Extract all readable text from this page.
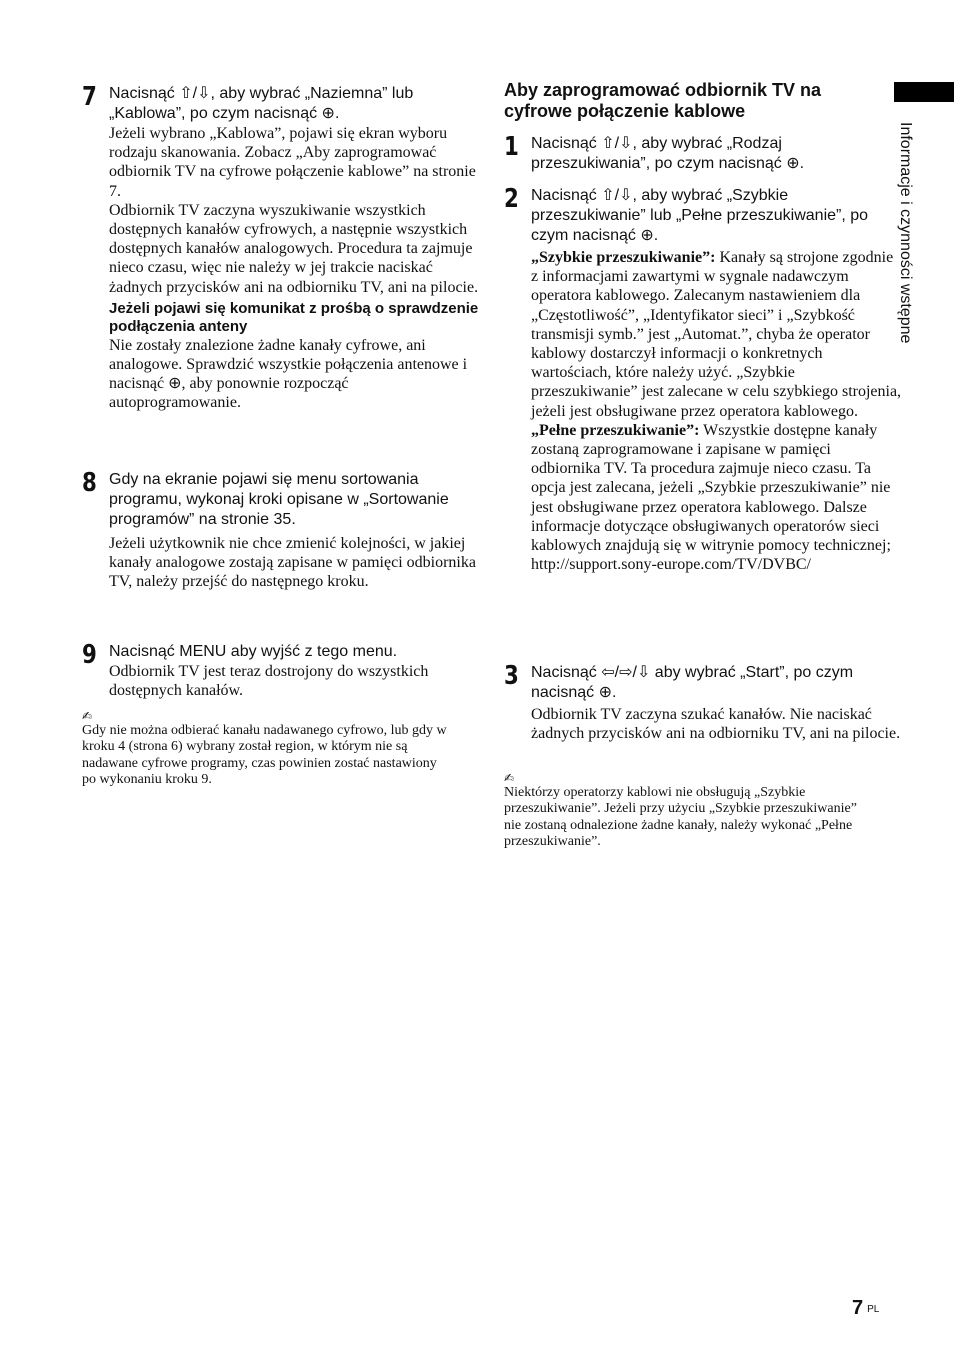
7 Nacisnąć ⇧/⇩, aby wybrać „Naziemna” lub „Kablowa”, po czym nacisnąć ⊕.

Jeżeli wybrano „Kablowa”, pojawi się ekran wyboru rodzaju skanowania. Zobacz „Aby zaprogramować odbiornik TV na cyfrowe połączenie kablowe” na stronie 7.

Odbiornik TV zaczyna wyszukiwanie wszystkich dostępnych kanałów cyfrowych, a następnie wszystkich dostępnych kanałów analogowych. Procedura ta zajmuje nieco czasu, więc nie należy w jej trakcie naciskać żadnych przycisków ani na odbiorniku TV, ani na pilocie.

Jeżeli pojawi się komunikat z prośbą o sprawdzenie podłączenia anteny

Nie zostały znalezione żadne kanały cyfrowe, ani analogowe. Sprawdzić wszystkie połączenia antenowe i nacisnąć ⊕, aby ponownie rozpocząć autoprogramowanie.

8 Gdy na ekranie pojawi się menu sortowania programu, wykonaj kroki opisane w „Sortowanie programów” na stronie 35.

Jeżeli użytkownik nie chce zmienić kolejności, w jakiej kanały analogowe zostają zapisane w pamięci odbiornika TV, należy przejść do następnego kroku.

9 Nacisnąć MENU aby wyjść z tego menu.

Odbiornik TV jest teraz dostrojony do wszystkich dostępnych kanałów.

✍

Gdy nie można odbierać kanału nadawanego cyfrowo, lub gdy w kroku 4 (strona 6) wybrany został region, w którym nie są nadawane cyfrowe programy, czas powinien zostać nastawiony po wykonaniu kroku 9.

Aby zaprogramować odbiornik TV na cyfrowe połączenie kablowe
1 Nacisnąć ⇧/⇩, aby wybrać „Rodzaj przeszukiwania”, po czym nacisnąć ⊕.

2 Nacisnąć ⇧/⇩, aby wybrać „Szybkie przeszukiwanie” lub „Pełne przeszukiwanie”, po czym nacisnąć ⊕.

„Szybkie przeszukiwanie”: Kanały są strojone zgodnie z informacjami zawartymi w sygnale nadawczym operatora kablowego. Zalecanym nastawieniem dla „Częstotliwość”, „Identyfikator sieci” i „Szybkość transmisji symb.” jest „Automat.”, chyba że operator kablowy dostarczył informacji o konkretnych wartościach, które należy użyć. „Szybkie przeszukiwanie” jest zalecane w celu szybkiego strojenia, jeżeli jest obsługiwane przez operatora kablowego.

„Pełne przeszukiwanie”: Wszystkie dostępne kanały zostaną zaprogramowane i zapisane w pamięci odbiornika TV. Ta procedura zajmuje nieco czasu. Ta opcja jest zalecana, jeżeli „Szybkie przeszukiwanie” nie jest obsługiwane przez operatora kablowego. Dalsze informacje dotyczące obsługiwanych operatorów sieci kablowych znajdują się w witrynie pomocy technicznej; http://support.sony-europe.com/TV/DVBC/

3 Nacisnąć ⇦/⇨/⇩ aby wybrać „Start”, po czym nacisnąć ⊕.

Odbiornik TV zaczyna szukać kanałów. Nie naciskać żadnych przycisków ani na odbiorniku TV, ani na pilocie.

✍

Niektórzy operatorzy kablowi nie obsługują „Szybkie przeszukiwanie”. Jeżeli przy użyciu „Szybkie przeszukiwanie” nie zostaną odnalezione żadne kanały, należy wykonać „Pełne przeszukiwanie”.

Informacje i czynności wstępne
7 PL
